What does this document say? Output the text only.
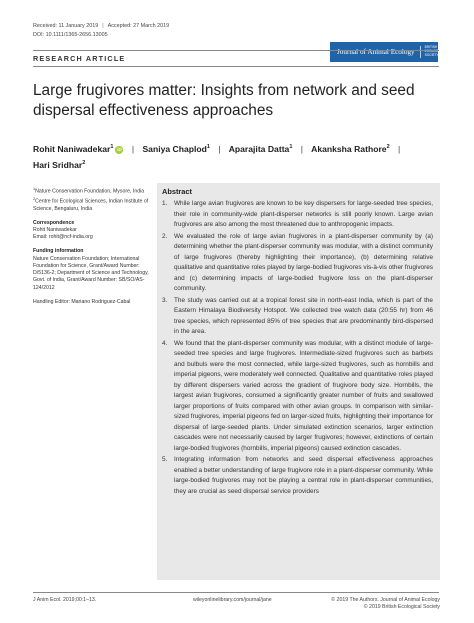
Received: 11 January 2019 | Accepted: 27 March 2019
DOI: 10.1111/1365-2656.13005
Journal of Animal Ecology
BRITISH
ECOLOGICAL
SOCIETY
RESEARCH ARTICLE
Large frugivores matter: Insights from network and seed dispersal effectiveness approaches
Rohit Naniwadekar$^1$ iD | Saniya Chaplod$^1$ | Aparajita Datta$^1$ | Akanksha Rathore$^2$ |
Hari Sridhar$^2$
$^1$Nature Conservation Foundation, Mysore, India
$^2$Centre for Ecological Sciences, Indian Institute of Science, Bengaluru, India
Correspondence
Rohit Naniwadekar
Email: rohit@ncf-india.org
Funding information
Nature Conservation Foundation; International Foundation for Science, Grant/Award Number: D/5136-2; Department of Science and Technology, Govt. of India, Grant/Award Number: SB/SO/AS-124/2012
Handling Editor: Mariano Rodriguez-Cabal
Abstract
1.	While large avian frugivores are known to be key dispersers for large-seeded tree species, their role in community-wide plant-disperser networks is still poorly known. Large avian frugivores are also among the most threatened due to anthropogenic impacts.
2.	We evaluated the role of large avian frugivores in a plant-disperser community by (a) determining whether the plant-disperser community was modular, with a distinct community of large frugivores (thereby highlighting their importance), (b) determining relative qualitative and quantitative roles played by large-bodied frugivores vis-à-vis other frugivores and (c) determining impacts of large-bodied frugivore loss on the plant-disperser community.
3.	The study was carried out at a tropical forest site in north-east India, which is part of the Eastern Himalaya Biodiversity Hotspot. We collected tree watch data (20:55 hr) from 46 tree species, which represented 85% of tree species that are predominantly bird-dispersed in the area.
4.	We found that the plant-disperser community was modular, with a distinct module of large-seeded tree species and large frugivores. Intermediate-sized frugivores such as barbets and bulbuls were the most connected, while large-sized frugivores, such as hornbills and imperial pigeons, were moderately well connected. Qualitative and quantitative roles played by different dispersers varied across the gradient of frugivore body size. Hornbills, the largest avian frugivores, consumed a significantly greater number of fruits and swallowed larger proportions of fruits compared with other avian groups. In comparison with similar-sized frugivores, imperial pigeons fed on larger-sized fruits, highlighting their importance for dispersal of large-seeded plants. Under simulated extinction scenarios, larger extinction cascades were not necessarily caused by larger frugivores; however, extinctions of certain large-bodied frugivores (hornbills, imperial pigeons) caused extinction cascades.
5.	Integrating information from networks and seed dispersal effectiveness approaches enabled a better understanding of large frugivore role in a plant-disperser community. While large-bodied frugivores may not be playing a central role in plant-disperser communities, they are crucial as seed dispersal service providers
J Anim Ecol. 2019;00:1–13.	wileyonlinelibrary.com/journal/jane	© 2019 The Authors. Journal of Animal Ecology
© 2019 British Ecological Society
